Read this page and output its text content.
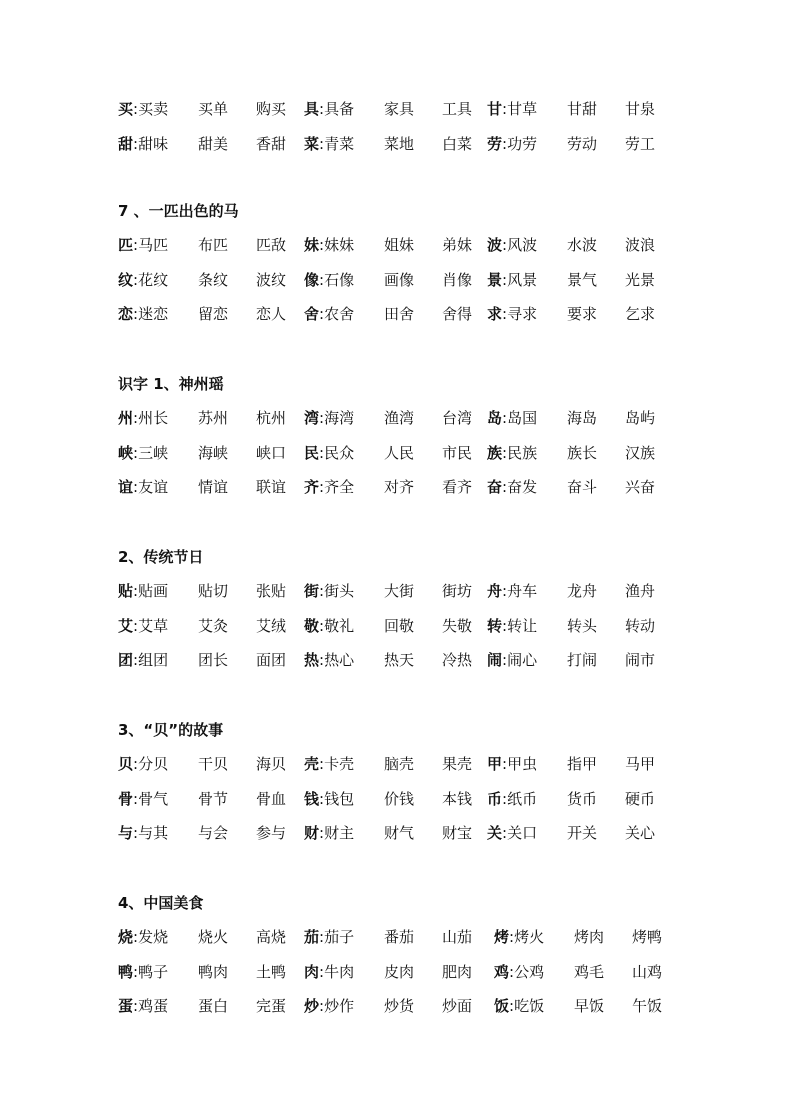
买:买卖 买单 购买 具:具备 家具 工具 甘:甘草 甘甜 甘泉
甜:甜味 甜美 香甜 菜:青菜 菜地 白菜 劳:功劳 劳动 劳工
7 、一匹出色的马
匹:马匹 布匹 匹敌 妹:妹妹 姐妹 弟妹 波:风波 水波 波浪
纹:花纹 条纹 波纹 像:石像 画像 肖像 景:风景 景气 光景
恋:迷恋 留恋 恋人 舍:农舍 田舍 舍得 求:寻求 要求 乞求
识字 1、神州瑶
州:州长 苏州 杭州 湾:海湾 渔湾 台湾 岛:岛国 海岛 岛屿
峡:三峡 海峡 峡口 民:民众 人民 市民 族:民族 族长 汉族
谊:友谊 情谊 联谊 齐:齐全 对齐 看齐 奋:奋发 奋斗 兴奋
2、传统节日
贴:贴画 贴切 张贴 街:街头 大街 街坊 舟:舟车 龙舟 渔舟
艾:艾草 艾灸 艾绒 敬:敬礼 回敬 失敬 转:转让 转头 转动
团:组团 团长 面团 热:热心 热天 冷热 闹:闹心 打闹 闹市
3、“贝”的故事
贝:分贝 干贝 海贝 壳:卡壳 脑壳 果壳 甲:甲虫 指甲 马甲
骨:骨气 骨节 骨血 钱:钱包 价钱 本钱 币:纸币 货币 硬币
与:与其 与会 参与 财:财主 财气 财宝 关:关口 开关 关心
4、中国美食
烧:发烧 烧火 高烧 茄:茄子 番茄 山茄 烤:烤火 烤肉 烤鸭
鸭:鸭子 鸭肉 土鸭 肉:牛肉 皮肉 肥肉 鸡:公鸡 鸡毛 山鸡
蛋:鸡蛋 蛋白 完蛋 炒:炒作 炒货 炒面 饭:吃饭 早饭 午饭
